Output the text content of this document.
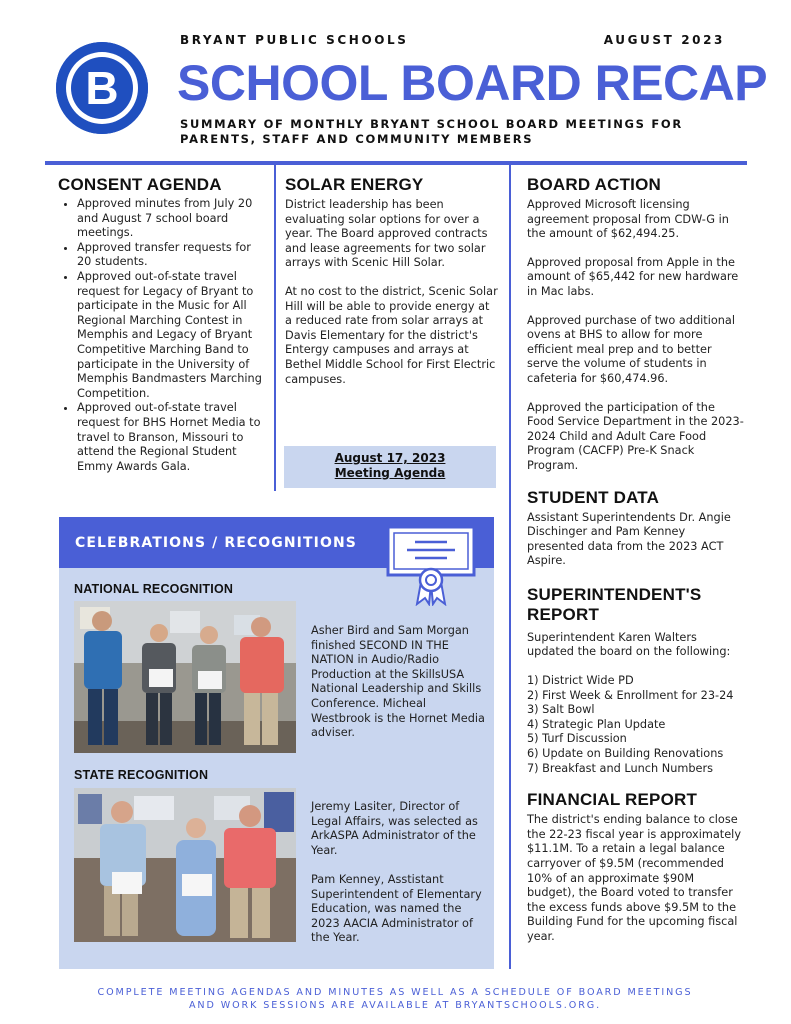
B
BRYANT PUBLIC SCHOOLS	AUGUST 2023
SCHOOL BOARD RECAP
SUMMARY OF MONTHLY BRYANT SCHOOL BOARD MEETINGS FOR PARENTS, STAFF AND COMMUNITY MEMBERS
CONSENT AGENDA
• Approved minutes from July 20 and August 7 school board meetings.
• Approved transfer requests for 20 students.
• Approved out-of-state travel request for Legacy of Bryant to participate in the Music for All Regional Marching Contest in Memphis and Legacy of Bryant Competitive Marching Band to participate in the University of Memphis Bandmasters Marching Competition.
• Approved out-of-state travel request for BHS Hornet Media to travel to Branson, Missouri to attend the Regional Student Emmy Awards Gala.
SOLAR ENERGY

District leadership has been evaluating solar options for over a year. The Board approved contracts and lease agreements for two solar arrays with Scenic Hill Solar.

At no cost to the district, Scenic Solar Hill will be able to provide energy at a reduced rate from solar arrays at Davis Elementary for the district's Entergy campuses and arrays at Bethel Middle School for First Electric campuses.

August 17, 2023
Meeting Agenda
BOARD ACTION

Approved Microsoft licensing agreement proposal from CDW-G in the amount of $62,494.25.

Approved proposal from Apple in the amount of $65,442 for new hardware in Mac labs.

Approved purchase of two additional ovens at BHS to allow for more efficient meal prep and to better serve the volume of students in cafeteria for $60,474.96.

Approved the participation of the Food Service Department in the 2023-2024 Child and Adult Care Food Program (CACFP) Pre-K Snack Program.

STUDENT DATA

Assistant Superintendents Dr. Angie Dischinger and Pam Kenney presented data from the 2023 ACT Aspire.

SUPERINTENDENT'S REPORT

Superintendent Karen Walters updated the board on the following:

1) District Wide PD
2) First Week & Enrollment for 23-24
3) Salt Bowl
4) Strategic Plan Update
5) Turf Discussion
6) Update on Building Renovations
7) Breakfast and Lunch Numbers
FINANCIAL REPORT

The district's ending balance to close the 22-23 fiscal year is approximately $11.1M. To a retain a legal balance carryover of $9.5M (recommended 10% of an approximate $90M budget), the Board voted to transfer the excess funds above $9.5M to the Building Fund for the upcoming fiscal year.

CELEBRATIONS / RECOGNITIONS
NATIONAL RECOGNITION
Asher Bird and Sam Morgan finished SECOND IN THE NATION in Audio/Radio Production at the SkillsUSA National Leadership and Skills Conference. Micheal Westbrook is the Hornet Media adviser.
STATE RECOGNITION
Jeremy Lasiter, Director of Legal Affairs, was selected as ArkASPA Administrator of the Year.
Pam Kenney, Asstistant Superintendent of Elementary Education, was named the 2023 AACIA Administrator of the Year.
COMPLETE MEETING AGENDAS AND MINUTES AS WELL AS A SCHEDULE OF BOARD MEETINGS
AND WORK SESSIONS ARE AVAILABLE AT BRYANTSCHOOLS.ORG.
